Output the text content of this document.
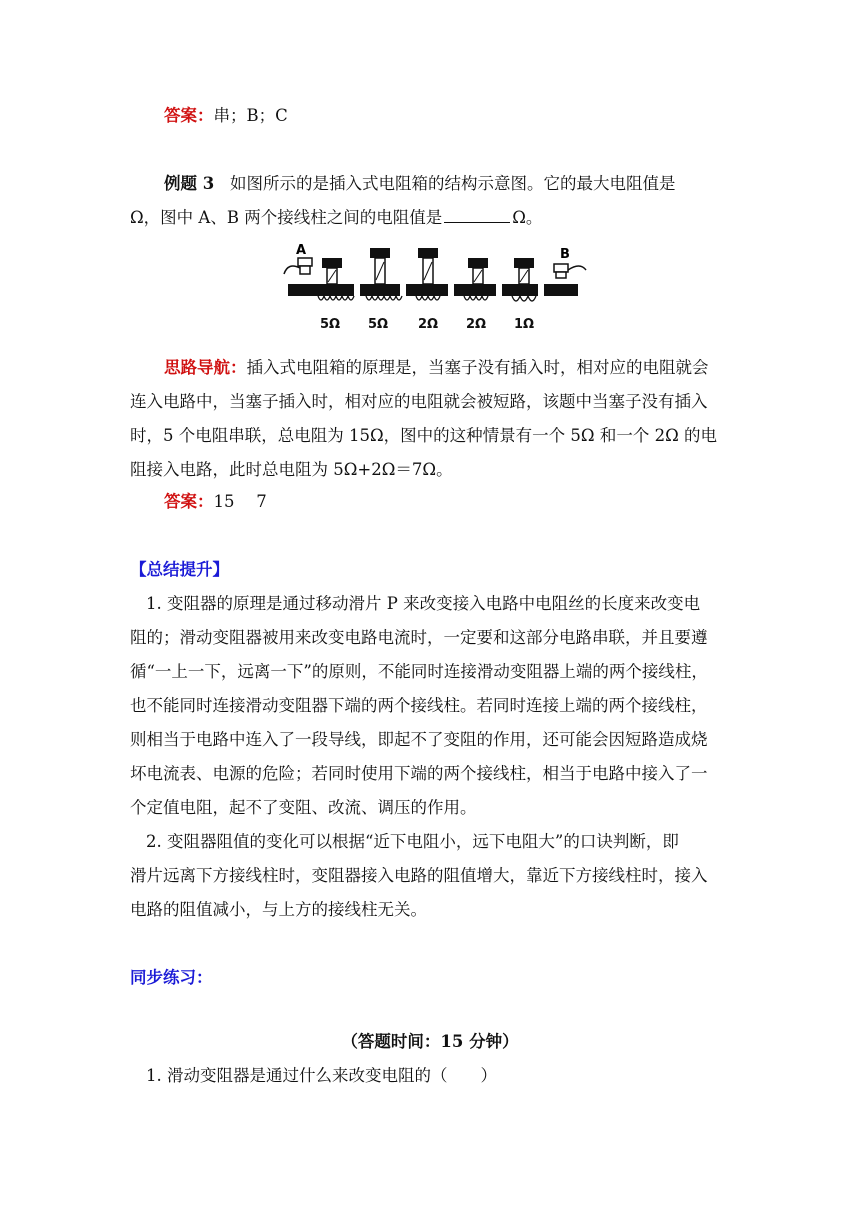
答案：串；B；C
例题 3 如图所示的是插入式电阻箱的结构示意图。它的最大电阻值是
Ω，图中 A、B 两个接线柱之间的电阻值是	Ω。
A	B
5Ω 5Ω 2Ω 2Ω 1Ω
思路导航：插入式电阻箱的原理是，当塞子没有插入时，相对应的电阻就会
连入电路中，当塞子插入时，相对应的电阻就会被短路，该题中当塞子没有插入
时，5 个电阻串联，总电阻为 15Ω，图中的这种情景有一个 5Ω 和一个 2Ω 的电
阻接入电路，此时总电阻为 5Ω+2Ω＝7Ω。
答案：15　 7
【总结提升】
1. 变阻器的原理是通过移动滑片 P 来改变接入电路中电阻丝的长度来改变电
阻的；滑动变阻器被用来改变电路电流时，一定要和这部分电路串联，并且要遵
循“一上一下，远离一下”的原则，不能同时连接滑动变阻器上端的两个接线柱，
也不能同时连接滑动变阻器下端的两个接线柱。若同时连接上端的两个接线柱，
则相当于电路中连入了一段导线，即起不了变阻的作用，还可能会因短路造成烧
坏电流表、电源的危险；若同时使用下端的两个接线柱，相当于电路中接入了一
个定值电阻，起不了变阻、改流、调压的作用。
2. 变阻器阻值的变化可以根据“近下电阻小，远下电阻大”的口诀判断，即
滑片远离下方接线柱时，变阻器接入电路的阻值增大，靠近下方接线柱时，接入
电路的阻值减小，与上方的接线柱无关。
同步练习：
（答题时间：15 分钟）
1. 滑动变阻器是通过什么来改变电阻的（　　）
